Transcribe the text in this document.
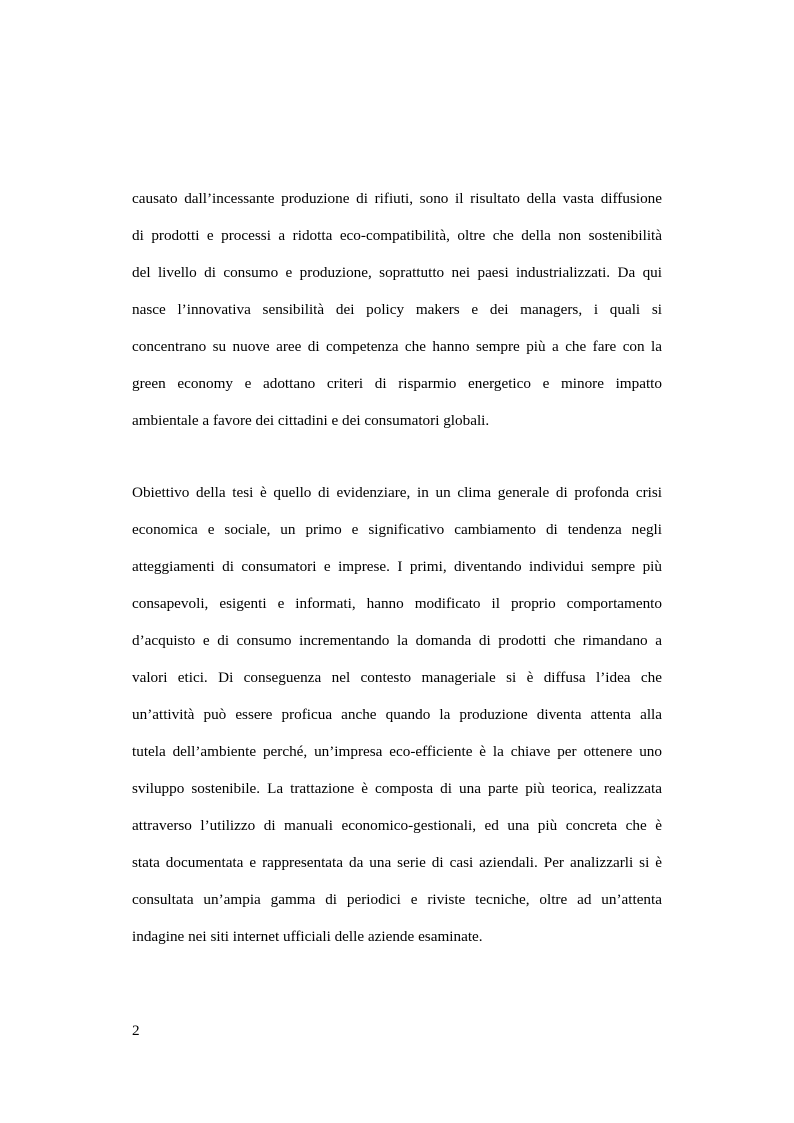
causato dall’incessante produzione di rifiuti, sono il risultato della vasta diffusione
di prodotti e processi a ridotta eco-compatibilità, oltre che della non sostenibilità
del livello di consumo e produzione, soprattutto nei paesi industrializzati. Da qui
nasce l’innovativa sensibilità dei policy makers e dei managers, i quali si
concentrano su nuove aree di competenza che hanno sempre più a che fare con la
green economy e adottano criteri di risparmio energetico e minore impatto
ambientale a favore dei cittadini e dei consumatori globali.
Obiettivo della tesi è quello di evidenziare, in un clima generale di profonda crisi
economica e sociale, un primo e significativo cambiamento di tendenza negli
atteggiamenti di consumatori e imprese. I primi, diventando individui sempre più
consapevoli, esigenti e informati, hanno modificato il proprio comportamento
d’acquisto e di consumo incrementando la domanda di prodotti che rimandano a
valori etici. Di conseguenza nel contesto manageriale si è diffusa l’idea che
un’attività può essere proficua anche quando la produzione diventa attenta alla
tutela dell’ambiente perché, un’impresa eco-efficiente è la chiave per ottenere uno
sviluppo sostenibile. La trattazione è composta di una parte più teorica, realizzata
attraverso l’utilizzo di manuali economico-gestionali, ed una più concreta che è
stata documentata e rappresentata da una serie di casi aziendali. Per analizzarli si è
consultata un’ampia gamma di periodici e riviste tecniche, oltre ad un’attenta
indagine nei siti internet ufficiali delle aziende esaminate.
2
